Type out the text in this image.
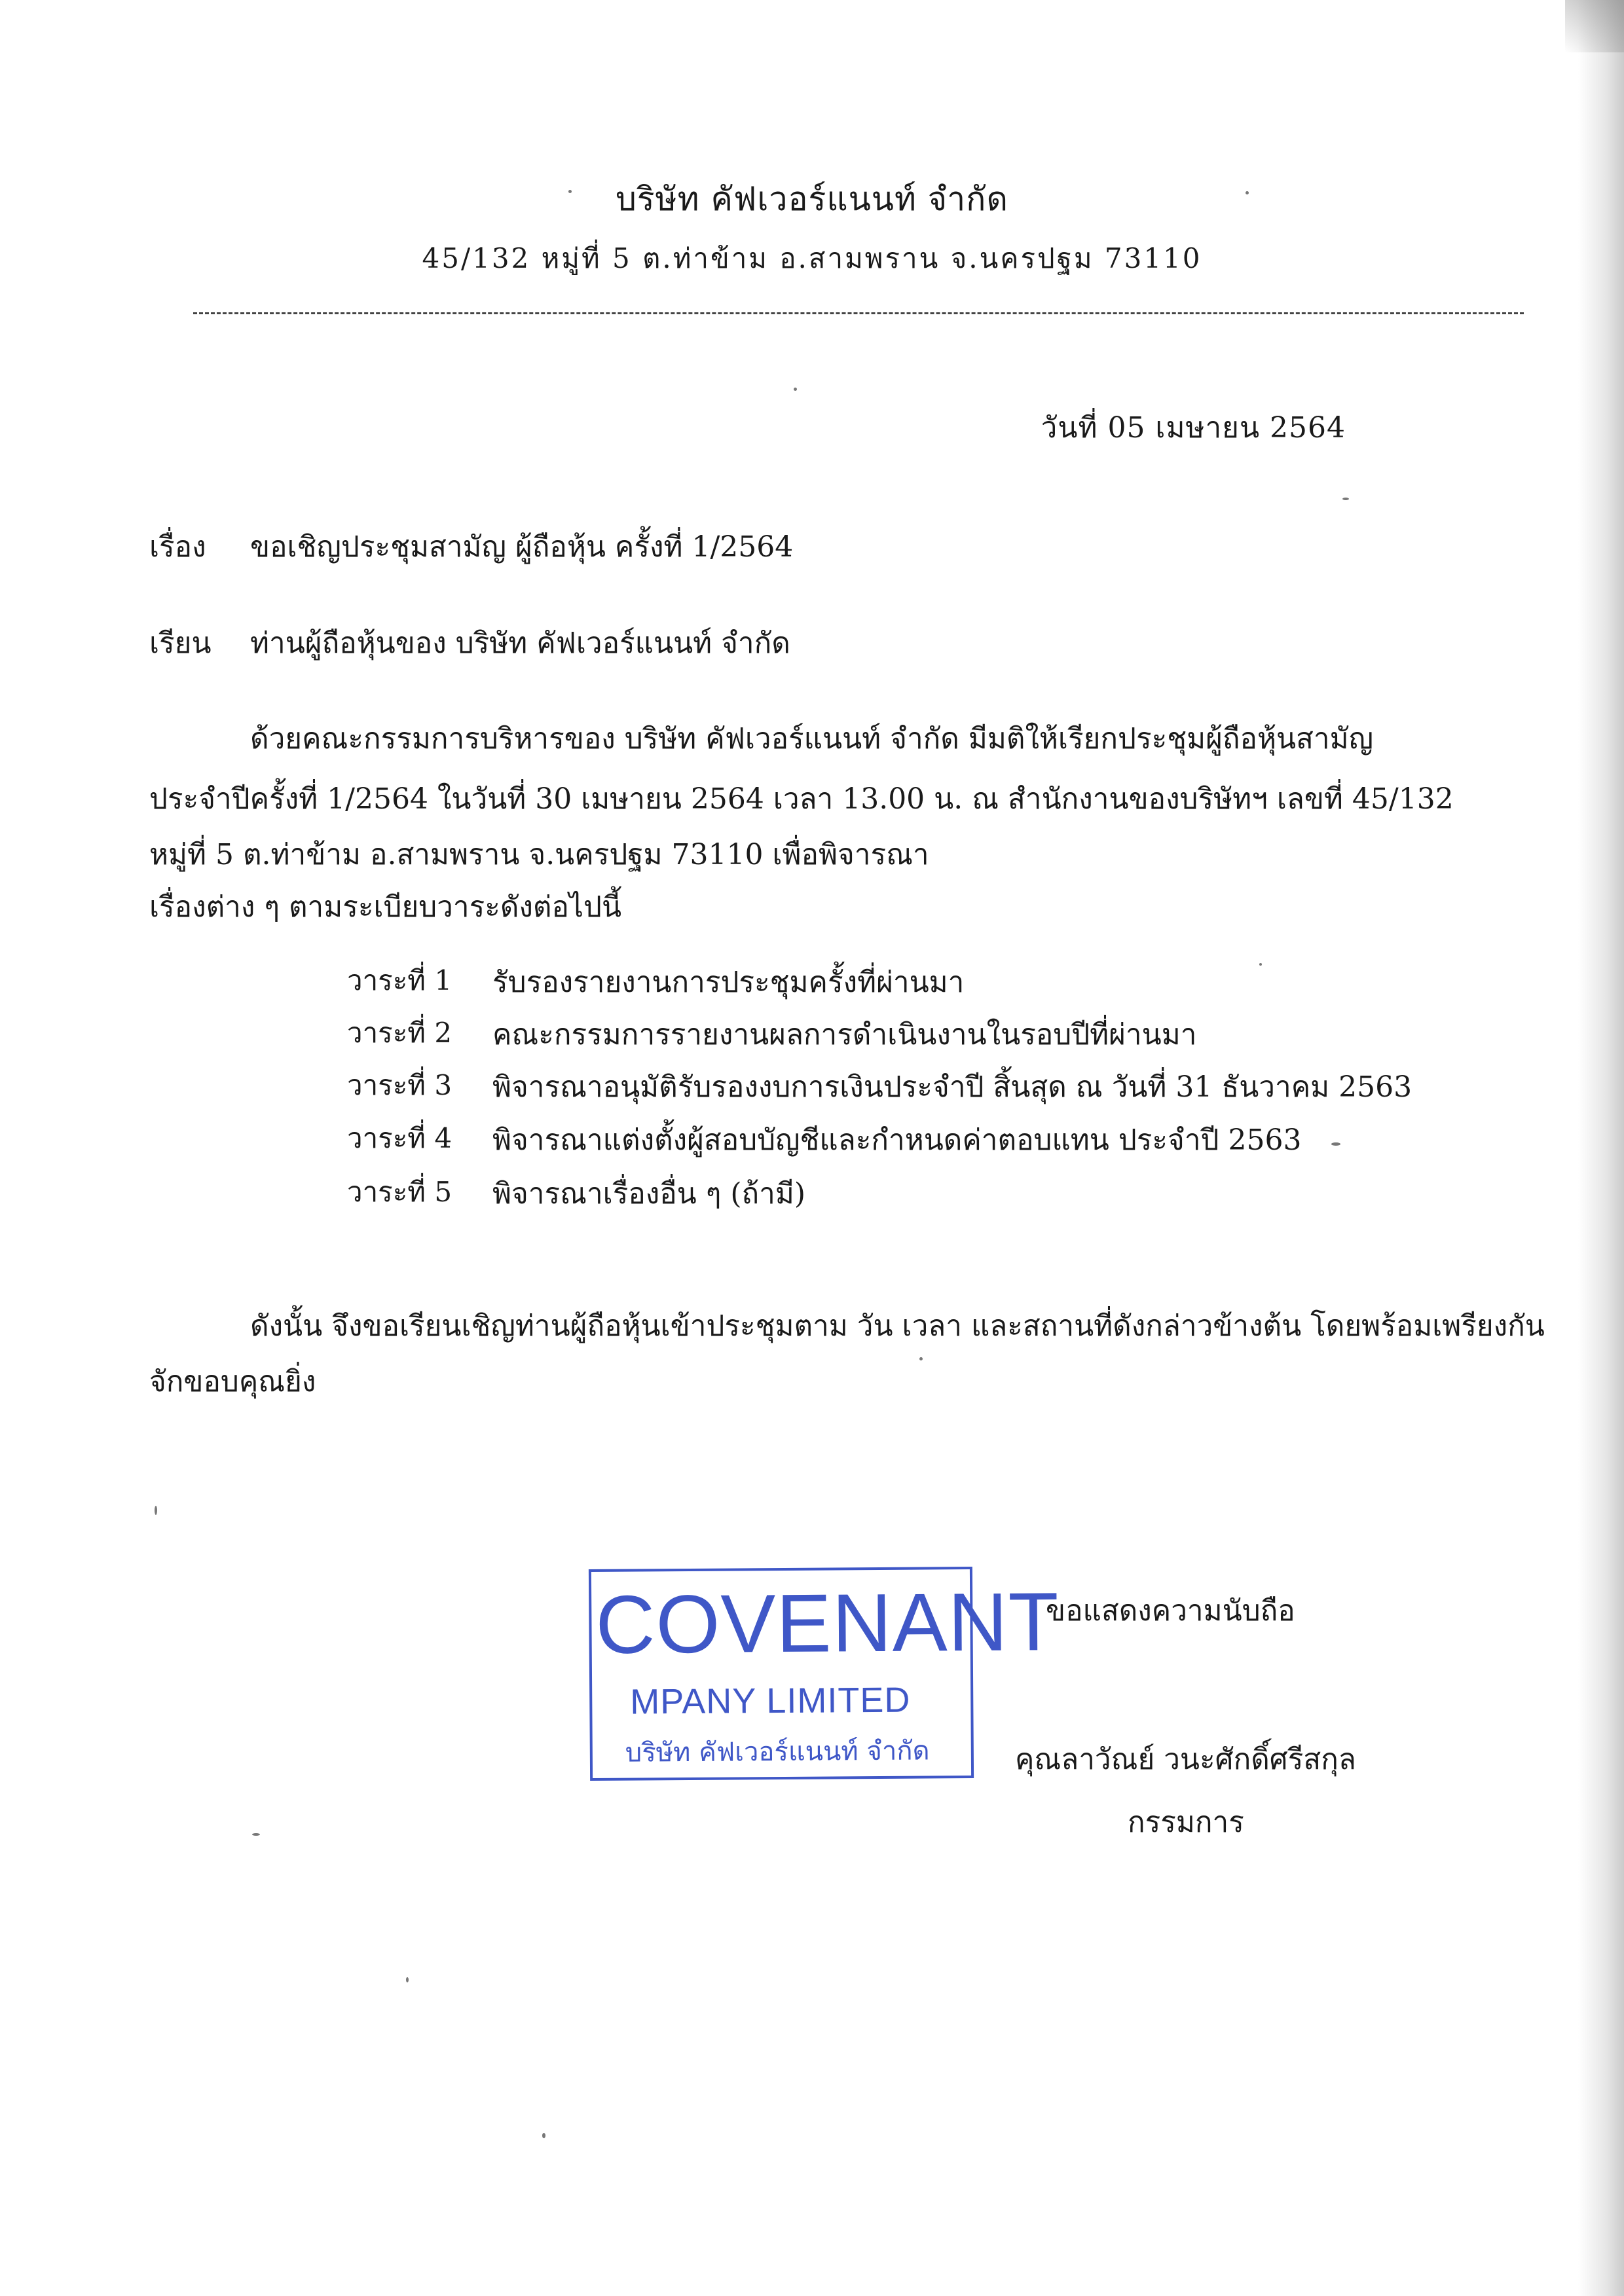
บริษัท คัฟเวอร์แนนท์ จำกัด
45/132 หมู่ที่ 5 ต.ท่าข้าม อ.สามพราน จ.นครปฐม 73110
วันที่ 05 เมษายน 2564
เรื่อง ขอเชิญประชุมสามัญ ผู้ถือหุ้น ครั้งที่ 1/2564
เรียน ท่านผู้ถือหุ้นของ บริษัท คัฟเวอร์แนนท์ จำกัด
ด้วยคณะกรรมการบริหารของ บริษัท คัฟเวอร์แนนท์ จำกัด มีมติให้เรียกประชุมผู้ถือหุ้นสามัญ
ประจำปีครั้งที่ 1/2564 ในวันที่ 30 เมษายน 2564 เวลา 13.00 น. ณ สำนักงานของบริษัทฯ เลขที่ 45/132
หมู่ที่ 5 ต.ท่าข้าม อ.สามพราน จ.นครปฐม 73110 เพื่อพิจารณา
เรื่องต่าง ๆ ตามระเบียบวาระดังต่อไปนี้
วาระที่ 1 รับรองรายงานการประชุมครั้งที่ผ่านมา
วาระที่ 2 คณะกรรมการรายงานผลการดำเนินงานในรอบปีที่ผ่านมา
วาระที่ 3 พิจารณาอนุมัติรับรองงบการเงินประจำปี สิ้นสุด ณ วันที่ 31 ธันวาคม 2563
วาระที่ 4 พิจารณาแต่งตั้งผู้สอบบัญชีและกำหนดค่าตอบแทน ประจำปี 2563
วาระที่ 5 พิจารณาเรื่องอื่น ๆ (ถ้ามี)
ดังนั้น จึงขอเรียนเชิญท่านผู้ถือหุ้นเข้าประชุมตาม วัน เวลา และสถานที่ดังกล่าวข้างต้น โดยพร้อมเพรียงกัน
จักขอบคุณยิ่ง
COVENANT
MPANY LIMITED
บริษัท คัฟเวอร์แนนท์ จำกัด
ขอแสดงความนับถือ
คุณลาวัณย์ วนะศักดิ์ศรีสกุล
กรรมการ
